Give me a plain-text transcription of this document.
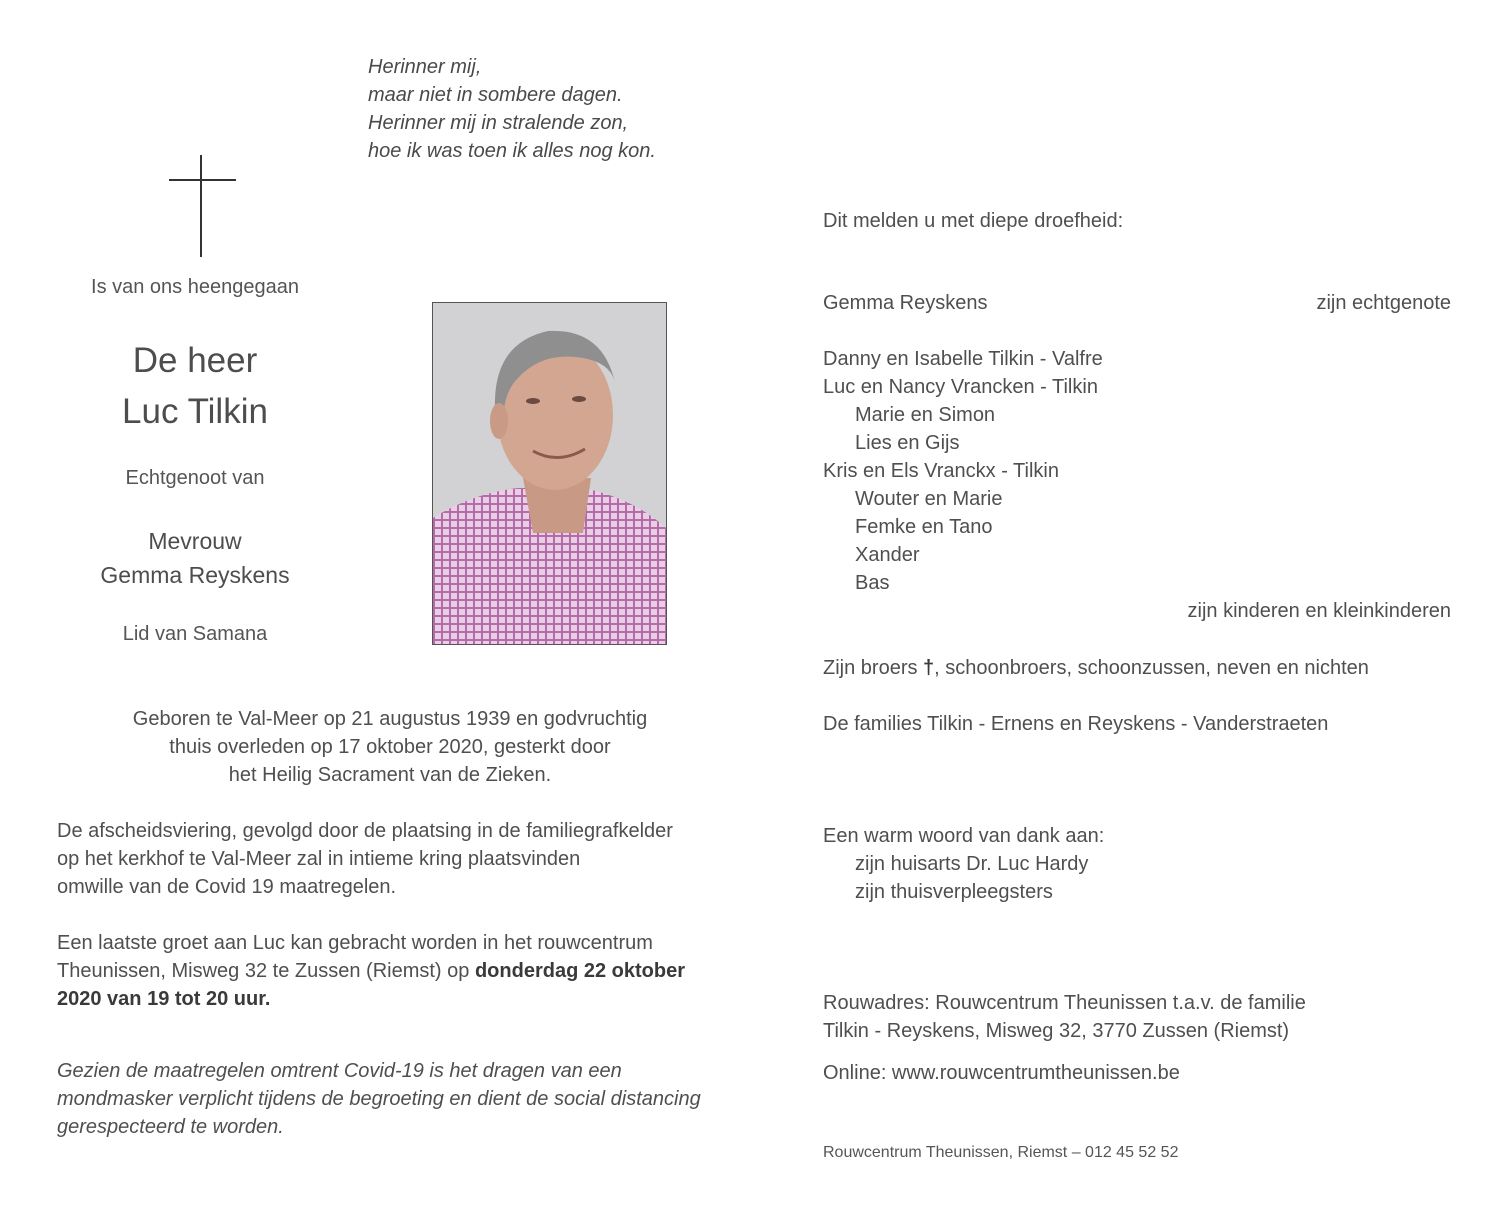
Herinner mij,
maar niet in sombere dagen.
Herinner mij in stralende zon,
hoe ik was toen ik alles nog kon.
Is van ons heengegaan
De heer
Luc Tilkin
Echtgenoot van
Mevrouw
Gemma Reyskens
Lid van Samana
Geboren te Val-Meer op 21 augustus 1939 en godvruchtig
thuis overleden op 17 oktober 2020, gesterkt door
het Heilig Sacrament van de Zieken.
De afscheidsviering, gevolgd door de plaatsing in de familiegrafkelder
op het kerkhof te Val-Meer zal in intieme kring plaatsvinden
omwille van de Covid 19 maatregelen.
Een laatste groet aan Luc kan gebracht worden in het rouwcentrum
Theunissen, Misweg 32 te Zussen (Riemst) op donderdag 22 oktober
2020 van 19 tot 20 uur.
Gezien de maatregelen omtrent Covid-19 is het dragen van een
mondmasker verplicht tijdens de begroeting en dient de social distancing
gerespecteerd te worden.
Dit melden u met diepe droefheid:
Gemma Reyskens	zijn echtgenote
Danny en Isabelle Tilkin - Valfre
Luc en Nancy Vrancken - Tilkin
Marie en Simon
Lies en Gijs
Kris en Els Vranckx - Tilkin
Wouter en Marie
Femke en Tano
Xander
Bas
zijn kinderen en kleinkinderen
Zijn broers †, schoonbroers, schoonzussen, neven en nichten
De families Tilkin - Ernens en Reyskens - Vanderstraeten
Een warm woord van dank aan:
zijn huisarts Dr. Luc Hardy
zijn thuisverpleegsters
Rouwadres: Rouwcentrum Theunissen t.a.v. de familie
Tilkin - Reyskens, Misweg 32, 3770 Zussen (Riemst)
Online: www.rouwcentrumtheunissen.be
Rouwcentrum Theunissen, Riemst – 012 45 52 52
